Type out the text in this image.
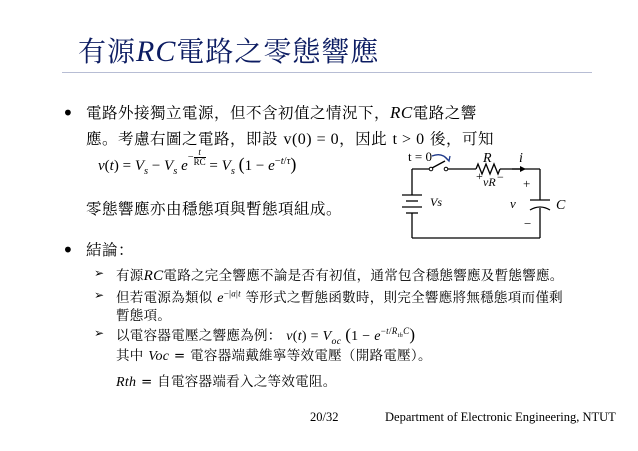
有源RC電路之零態響應
• 電路外接獨立電源，但不含初值之情況下，RC電路之響
應。考慮右圖之電路，即設 v(0) = 0，因此 t > 0 後，可知
$v(t) = V_s - V_s$ $e^{- \frac{t}{RC}} = V_s$ $(1 - e^{-t/\tau})$
零態響應亦由穩態項與暫態項組成。
t = 0	R i
+ −
vR
Vs
+
v
−
C
• 結論：
➢ 有源RC電路之完全響應不論是否有初值，通常包含穩態響應及暫態響應。
➢ 但若電源為類似 $e^{-|a|t}$ 等形式之暫態函數時，則完全響應將無穩態項而僅剩
暫態項。
➢ 以電容器電壓之響應為例： $v(t) = V_{oc}$ $(1 - e^{-t/R_{th}C})$
其中 Voc = 電容器端戴維寧等效電壓（開路電壓）。
Rth = 自電容器端看入之等效電阻。
20/32	Department of Electronic Engineering, NTUT
